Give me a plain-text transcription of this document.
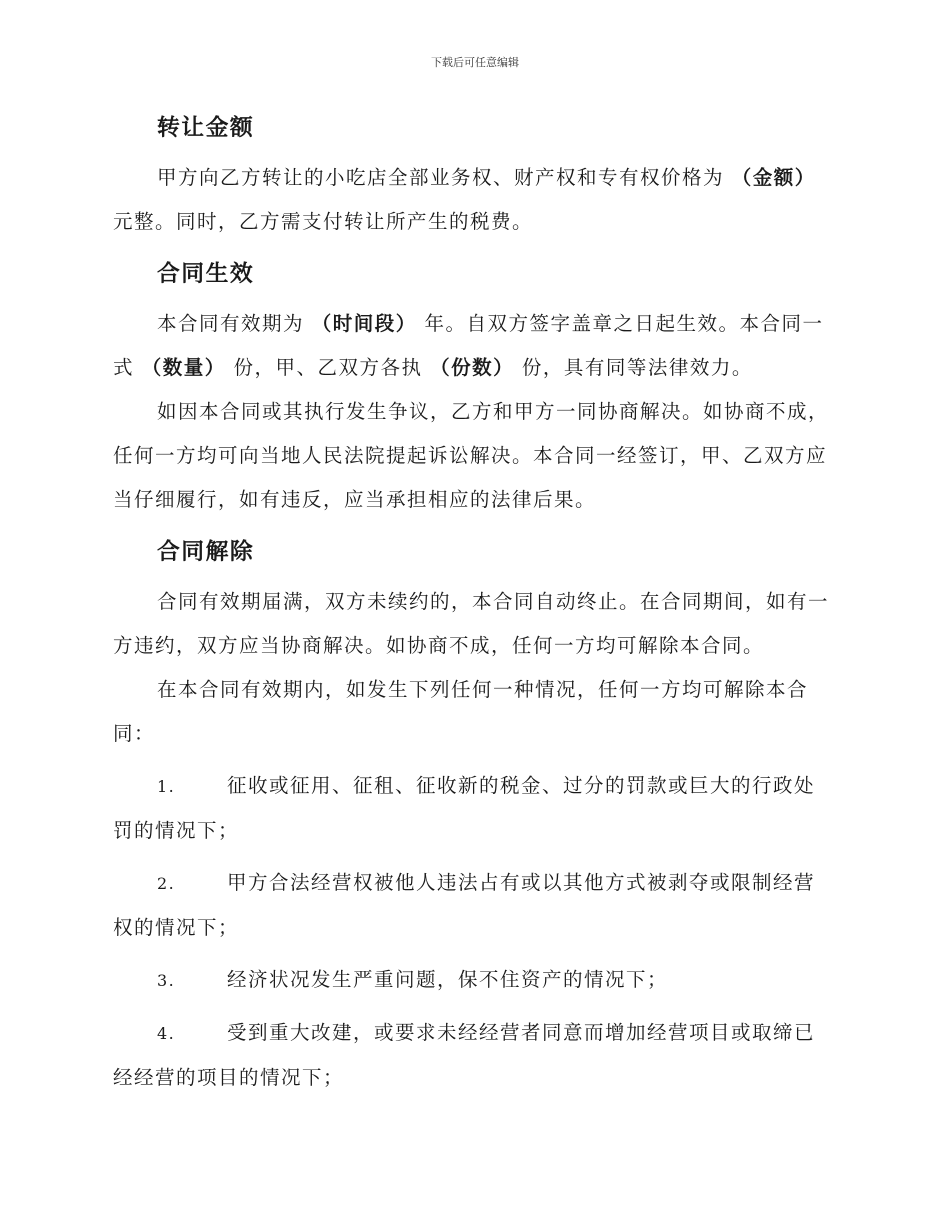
下载后可任意编辑
转让金额

甲方向乙方转让的小吃店全部业务权、财产权和专有权价格为 （金额）元整。同时，乙方需支付转让所产生的税费。

合同生效

本合同有效期为 （时间段） 年。自双方签字盖章之日起生效。本合同一式 （数量） 份，甲、乙双方各执 （份数） 份，具有同等法律效力。

如因本合同或其执行发生争议，乙方和甲方一同协商解决。如协商不成，任何一方均可向当地人民法院提起诉讼解决。本合同一经签订，甲、乙双方应当仔细履行，如有违反，应当承担相应的法律后果。

合同解除

合同有效期届满，双方未续约的，本合同自动终止。在合同期间，如有一方违约，双方应当协商解决。如协商不成，任何一方均可解除本合同。

在本合同有效期内，如发生下列任何一种情况，任何一方均可解除本合同：

1.	征收或征用、征租、征收新的税金、过分的罚款或巨大的行政处罚的情况下；

2.	甲方合法经营权被他人违法占有或以其他方式被剥夺或限制经营权的情况下；

3.	经济状况发生严重问题，保不住资产的情况下；

4.	受到重大改建，或要求未经经营者同意而增加经营项目或取缔已经经营的项目的情况下；
